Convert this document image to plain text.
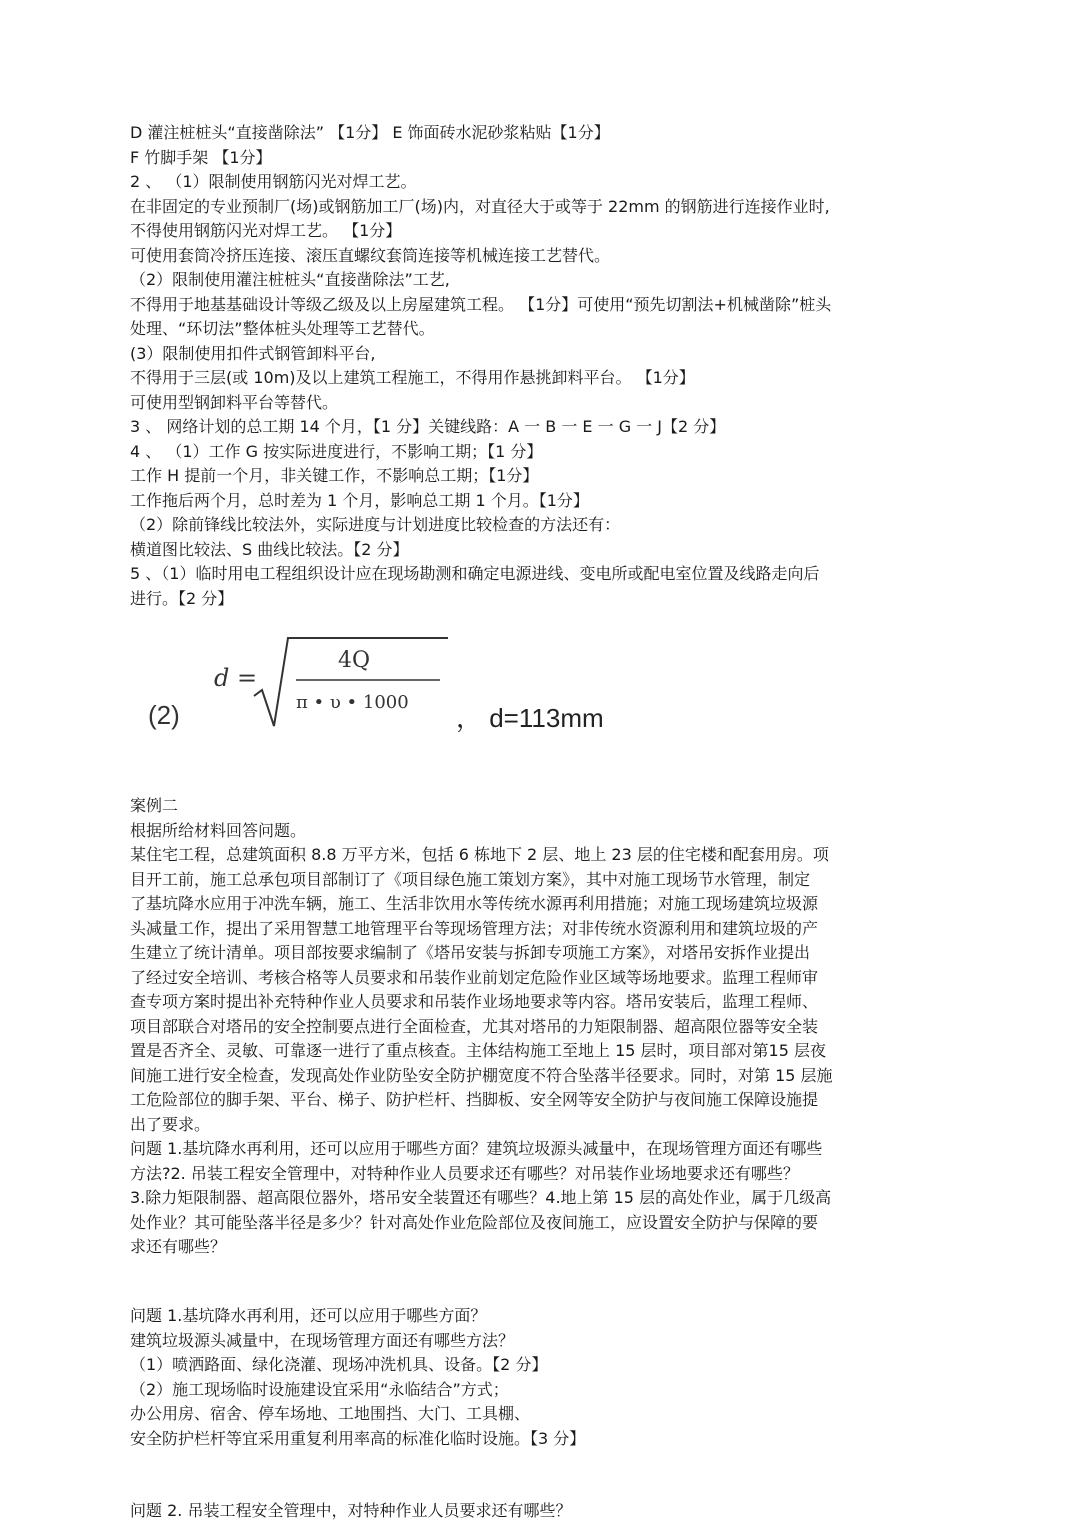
D 灌注桩桩头“直接凿除法” 【1分】 E 饰面砖水泥砂浆粘贴【1分】

F 竹脚手架 【1分】

2 、 （1）限制使用钢筋闪光对焊工艺。

在非固定的专业预制厂(场)或钢筋加工厂(场)内，对直径大于或等于 22mm 的钢筋进行连接作业时,

不得使用钢筋闪光对焊工艺。 【1分】

可使用套筒冷挤压连接、滚压直螺纹套筒连接等机械连接工艺替代。

（2）限制使用灌注桩桩头“直接凿除法”工艺,

不得用于地基基础设计等级乙级及以上房屋建筑工程。 【1分】可使用“预先切割法+机械凿除”桩头

处理、“环切法”整体桩头处理等工艺替代。

(3）限制使用扣件式钢管卸料平台,

不得用于三层(或 10m)及以上建筑工程施工，不得用作悬挑卸料平台。 【1分】

可使用型钢卸料平台等替代。

3 、 网络计划的总工期 14 个月，【1 分】关键线路：A 一 B 一 E 一 G 一 J【2 分】

4 、 （1）工作 G 按实际进度进行，不影响工期；【1 分】

工作 H 提前一个月，非关键工作，不影响总工期；【1分】

工作拖后两个月，总时差为 1 个月，影响总工期 1 个月。【1分】

（2）除前锋线比较法外，实际进度与计划进度比较检查的方法还有：

横道图比较法、S 曲线比较法。【2 分】

5 、（1）临时用电工程组织设计应在现场勘测和确定电源进线、变电所或配电室位置及线路走向后

进行。【2 分】

(2)
d =
4Q
π • υ • 1000
， d=113mm

案例二

根据所给材料回答问题。

某住宅工程，总建筑面积 8.8 万平方米，包括 6 栋地下 2 层、地上 23 层的住宅楼和配套用房。项

目开工前，施工总承包项目部制订了《项目绿色施工策划方案》，其中对施工现场节水管理，制定

了基坑降水应用于冲洗车辆，施工、生活非饮用水等传统水源再利用措施；对施工现场建筑垃圾源

头减量工作，提出了采用智慧工地管理平台等现场管理方法；对非传统水资源利用和建筑垃圾的产

生建立了统计清单。项目部按要求编制了《塔吊安装与拆卸专项施工方案》，对塔吊安拆作业提出

了经过安全培训、考核合格等人员要求和吊装作业前划定危险作业区域等场地要求。监理工程师审

查专项方案时提出补充特种作业人员要求和吊装作业场地要求等内容。塔吊安装后，监理工程师、

项目部联合对塔吊的安全控制要点进行全面检查，尤其对塔吊的力矩限制器、超高限位器等安全装

置是否齐全、灵敏、可靠逐一进行了重点核查。主体结构施工至地上 15 层时，项目部对第15 层夜

间施工进行安全检查，发现高处作业防坠安全防护棚宽度不符合坠落半径要求。同时，对第 15 层施

工危险部位的脚手架、平台、梯子、防护栏杆、挡脚板、安全网等安全防护与夜间施工保障设施提

出了要求。

问题 1.基坑降水再利用，还可以应用于哪些方面？建筑垃圾源头减量中，在现场管理方面还有哪些

方法?2. 吊装工程安全管理中，对特种作业人员要求还有哪些？对吊装作业场地要求还有哪些？

3.除力矩限制器、超高限位器外，塔吊安全装置还有哪些？4.地上第 15 层的高处作业，属于几级高

处作业？其可能坠落半径是多少？针对高处作业危险部位及夜间施工，应设置安全防护与保障的要

求还有哪些？

问题 1.基坑降水再利用，还可以应用于哪些方面？

建筑垃圾源头减量中，在现场管理方面还有哪些方法？

（1）喷洒路面、绿化浇灌、现场冲洗机具、设备。【2 分】

（2）施工现场临时设施建设宜采用“永临结合”方式；

办公用房、宿舍、停车场地、工地围挡、大门、工具棚、

安全防护栏杆等宜采用重复利用率高的标准化临时设施。【3 分】

问题 2. 吊装工程安全管理中，对特种作业人员要求还有哪些？
